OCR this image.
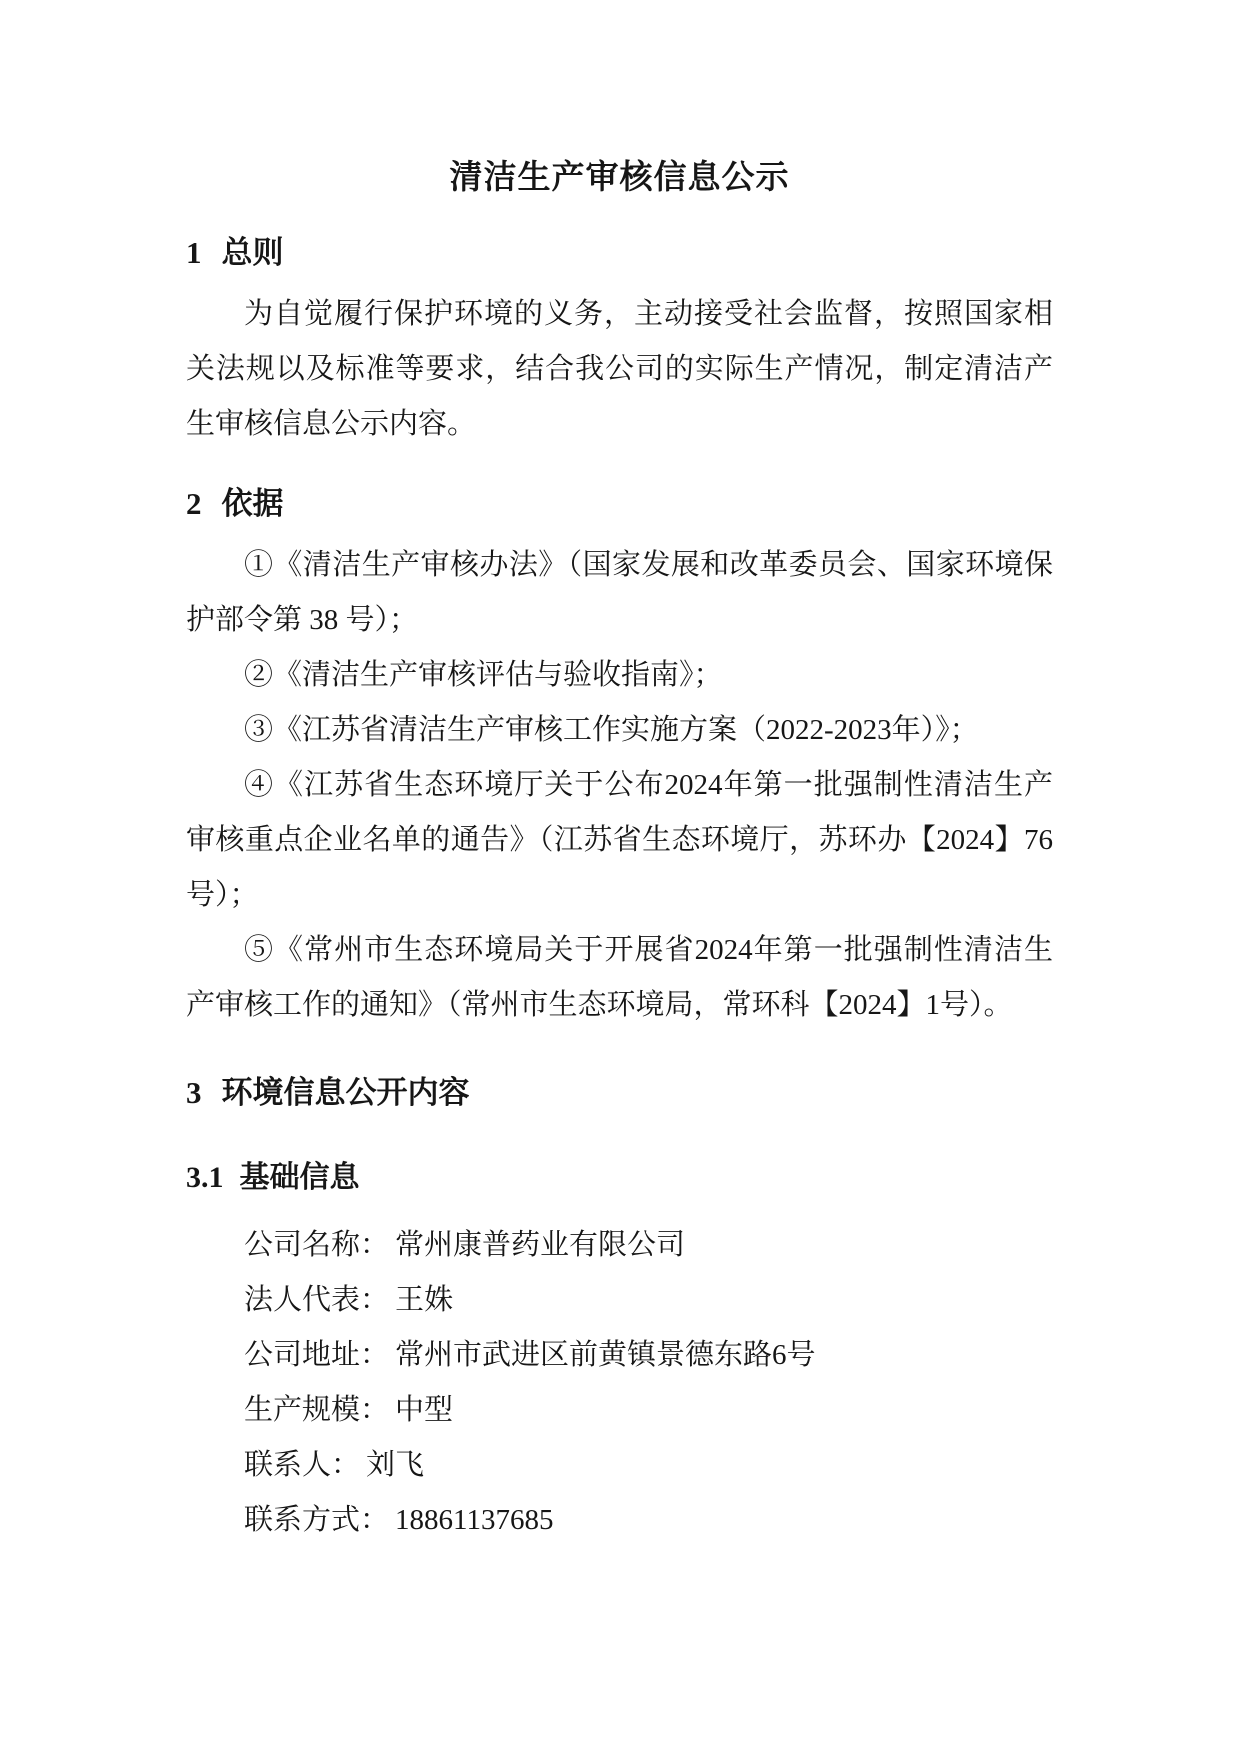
清洁生产审核信息公示
1 总则

为自觉履行保护环境的义务，主动接受社会监督，按照国家相关法规以及标准等要求，结合我公司的实际生产情况，制定清洁产生审核信息公示内容。

2 依据

①《清洁生产审核办法》（国家发展和改革委员会、国家环境保护部令第 38 号）；

②《清洁生产审核评估与验收指南》；

③《江苏省清洁生产审核工作实施方案（2022-2023年）》；

④《江苏省生态环境厅关于公布2024年第一批强制性清洁生产审核重点企业名单的通告》（江苏省生态环境厅，苏环办【2024】76号）；

⑤《常州市生态环境局关于开展省2024年第一批强制性清洁生产审核工作的通知》（常州市生态环境局，常环科【2024】1号）。

3 环境信息公开内容
3.1 基础信息

公司名称： 常州康普药业有限公司

法人代表： 王姝

公司地址： 常州市武进区前黄镇景德东路6号

生产规模： 中型

联系人： 刘飞

联系方式： 18861137685
